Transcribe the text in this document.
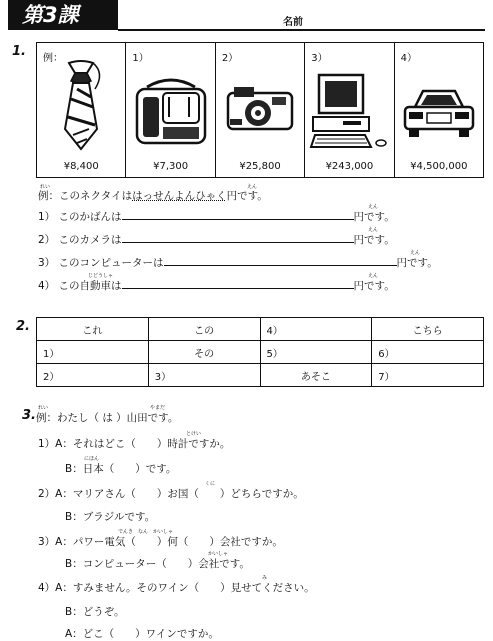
第3課	名前
1. 例：
¥8,400
1）
¥7,300
2）
¥25,800
3）
¥243,000
4）
¥4,500,000
れい	えん
例：このネクタイははっせんよんひゃく円です。
えん
1） このかばんは	円です。
えん
2） このカメラは	円です。
えん
3） このコンピューターは	円です。
じどうしゃ	えん
4） この自動車は	円です。
2.	これ	この	4）	こちら
1）	その	5）	6）
2）	3）	あそこ	7）
3. れい	やまだ
例：わたし（ は ）山田です。
とけい
1）A：それはどこ（　　）時計ですか。
にほん
B：日本（　　）です。
くに
2）A：マリアさん（　　）お国（　　）どちらですか。
B：ブラジルです。
でんき　なん　かいしゃ
3）A：パワー電気（　　）何（　　）会社ですか。
かいしゃ
B：コンピューター（　　）会社です。
み
4）A：すみません。そのワイン（　　）見せてください。
B：どうぞ。
A：どこ（　　）ワインですか。
